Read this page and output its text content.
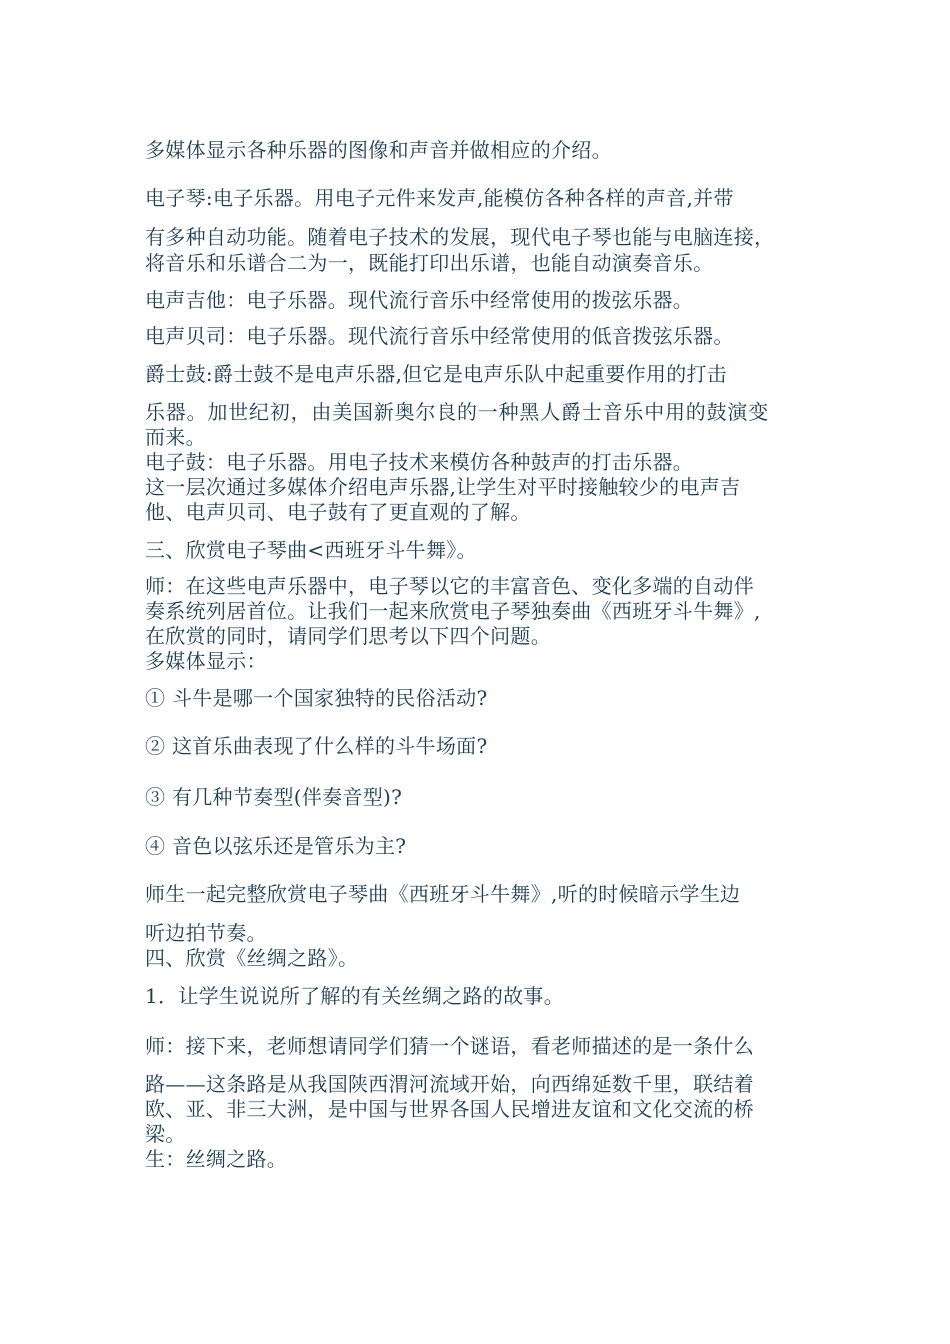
多媒体显示各种乐器的图像和声音并做相应的介绍。
电子琴:电子乐器。用电子元件来发声,能模仿各种各样的声音,并带
有多种自动功能。随着电子技术的发展，现代电子琴也能与电脑连接，
将音乐和乐谱合二为一，既能打印出乐谱，也能自动演奏音乐。
电声吉他：电子乐器。现代流行音乐中经常使用的拨弦乐器。
电声贝司：电子乐器。现代流行音乐中经常使用的低音拨弦乐器。
爵士鼓:爵士鼓不是电声乐器,但它是电声乐队中起重要作用的打击
乐器。加世纪初，由美国新奥尔良的一种黑人爵士音乐中用的鼓演变
而来。
电子鼓：电子乐器。用电子技术来模仿各种鼓声的打击乐器。
这一层次通过多媒体介绍电声乐器,让学生对平时接触较少的电声吉
他、电声贝司、电子鼓有了更直观的了解。
三、欣赏电子琴曲<西班牙斗牛舞》。
师：在这些电声乐器中，电子琴以它的丰富音色、变化多端的自动伴
奏系统列居首位。让我们一起来欣赏电子琴独奏曲《西班牙斗牛舞》,
在欣赏的同时，请同学们思考以下四个问题。
多媒体显示：
① 斗牛是哪一个国家独特的民俗活动?
② 这首乐曲表现了什么样的斗牛场面?
③ 有几种节奏型(伴奏音型)?
④ 音色以弦乐还是管乐为主?
师生一起完整欣赏电子琴曲《西班牙斗牛舞》,听的时候暗示学生边
听边拍节奏。
四、欣赏《丝绸之路》。
1．让学生说说所了解的有关丝绸之路的故事。
师：接下来，老师想请同学们猜一个谜语，看老师描述的是一条什么
路——这条路是从我国陕西渭河流域开始，向西绵延数千里，联结着
欧、亚、非三大洲，是中国与世界各国人民增进友谊和文化交流的桥
梁。
生：丝绸之路。
